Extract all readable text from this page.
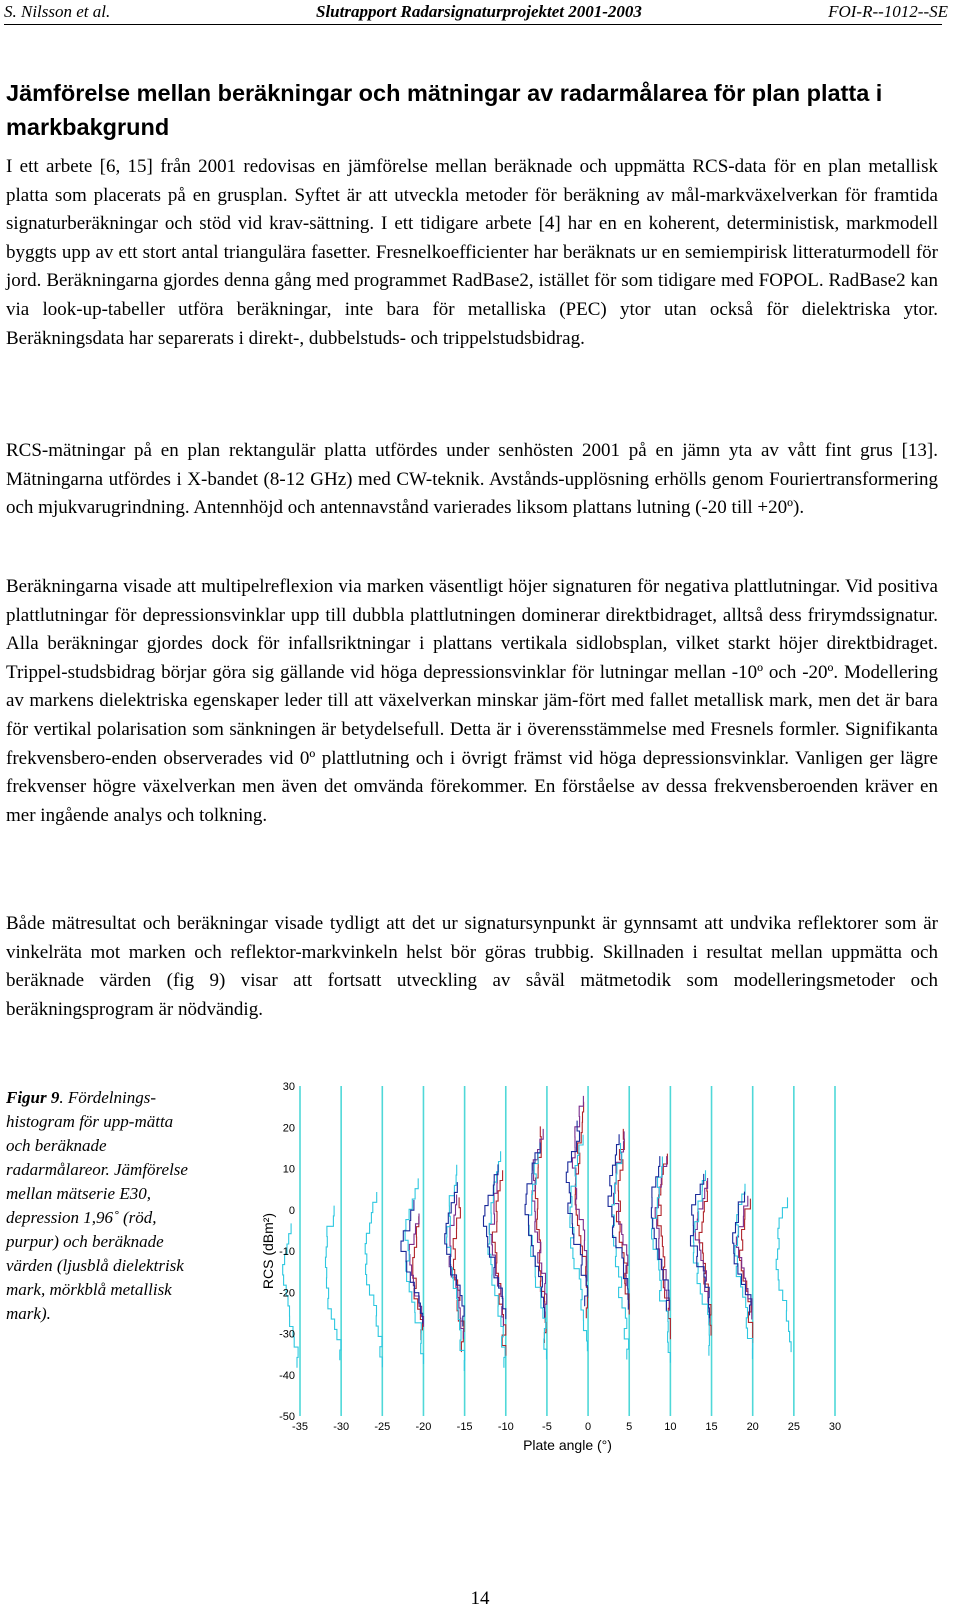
S. Nilsson et al.	Slutrapport Radarsignaturprojektet 2001-2003	FOI-R--1012--SE
Jämförelse mellan beräkningar och mätningar av radarmålarea för plan platta i markbakgrund

I ett arbete [6, 15] från 2001 redovisas en jämförelse mellan beräknade och uppmätta RCS-data för en plan metallisk platta som placerats på en grusplan. Syftet är att utveckla metoder för beräkning av mål-markväxelverkan för framtida signaturberäkningar och stöd vid krav-sättning. I ett tidigare arbete [4] har en en koherent, deterministisk, markmodell byggts upp av ett stort antal triangulära fasetter. Fresnelkoefficienter har beräknats ur en semiempirisk litteraturmodell för jord. Beräkningarna gjordes denna gång med programmet RadBase2, istället för som tidigare med FOPOL. RadBase2 kan via look-up-tabeller utföra beräkningar, inte bara för metalliska (PEC) ytor utan också för dielektriska ytor. Beräkningsdata har separerats i direkt-, dubbelstuds- och trippelstudsbidrag.

RCS-mätningar på en plan rektangulär platta utfördes under senhösten 2001 på en jämn yta av vått fint grus [13]. Mätningarna utfördes i X-bandet (8-12 GHz) med CW-teknik. Avstånds-upplösning erhölls genom Fouriertransformering och mjukvarugrindning. Antennhöjd och antennavstånd varierades liksom plattans lutning (-20 till +20º).

Beräkningarna visade att multipelreflexion via marken väsentligt höjer signaturen för negativa plattlutningar. Vid positiva plattlutningar för depressionsvinklar upp till dubbla plattlutningen dominerar direktbidraget, alltså dess frirymdssignatur. Alla beräkningar gjordes dock för infallsriktningar i plattans vertikala sidlobsplan, vilket starkt höjer direktbidraget. Trippel-studsbidrag börjar göra sig gällande vid höga depressionsvinklar för lutningar mellan -10º och -20º. Modellering av markens dielektriska egenskaper leder till att växelverkan minskar jäm-fört med fallet metallisk mark, men det är bara för vertikal polarisation som sänkningen är betydelsefull. Detta är i överensstämmelse med Fresnels formler. Signifikanta frekvensbero-enden observerades vid 0º plattlutning och i övrigt främst vid höga depressionsvinklar. Vanligen ger lägre frekvenser högre växelverkan men även det omvända förekommer. En förståelse av dessa frekvensberoenden kräver en mer ingående analys och tolkning.

Både mätresultat och beräkningar visade tydligt att det ur signatursynpunkt är gynnsamt att undvika reflektorer som är vinkelräta mot marken och reflektor-markvinkeln helst bör göras trubbig. Skillnaden i resultat mellan uppmätta och beräknade värden (fig 9) visar att fortsatt utveckling av såväl mätmetodik som modelleringsmetoder och beräkningsprogram är nödvändig.

Figur 9. Fördelnings-histogram för upp-mätta och beräknade radarmålareor. Jämförelse mellan mätserie E30, depression 1,96˚ (röd, purpur) och beräknade värden (ljusblå dielektrisk mark, mörkblå metallisk mark).

-35 -30 -25 -20 -15 -10	-5	0	5	10	15	20	25	30
30
20
10
0
-10
-20
-30
-40
-50
Plate angle (°)
RCS (dBm²)
14
